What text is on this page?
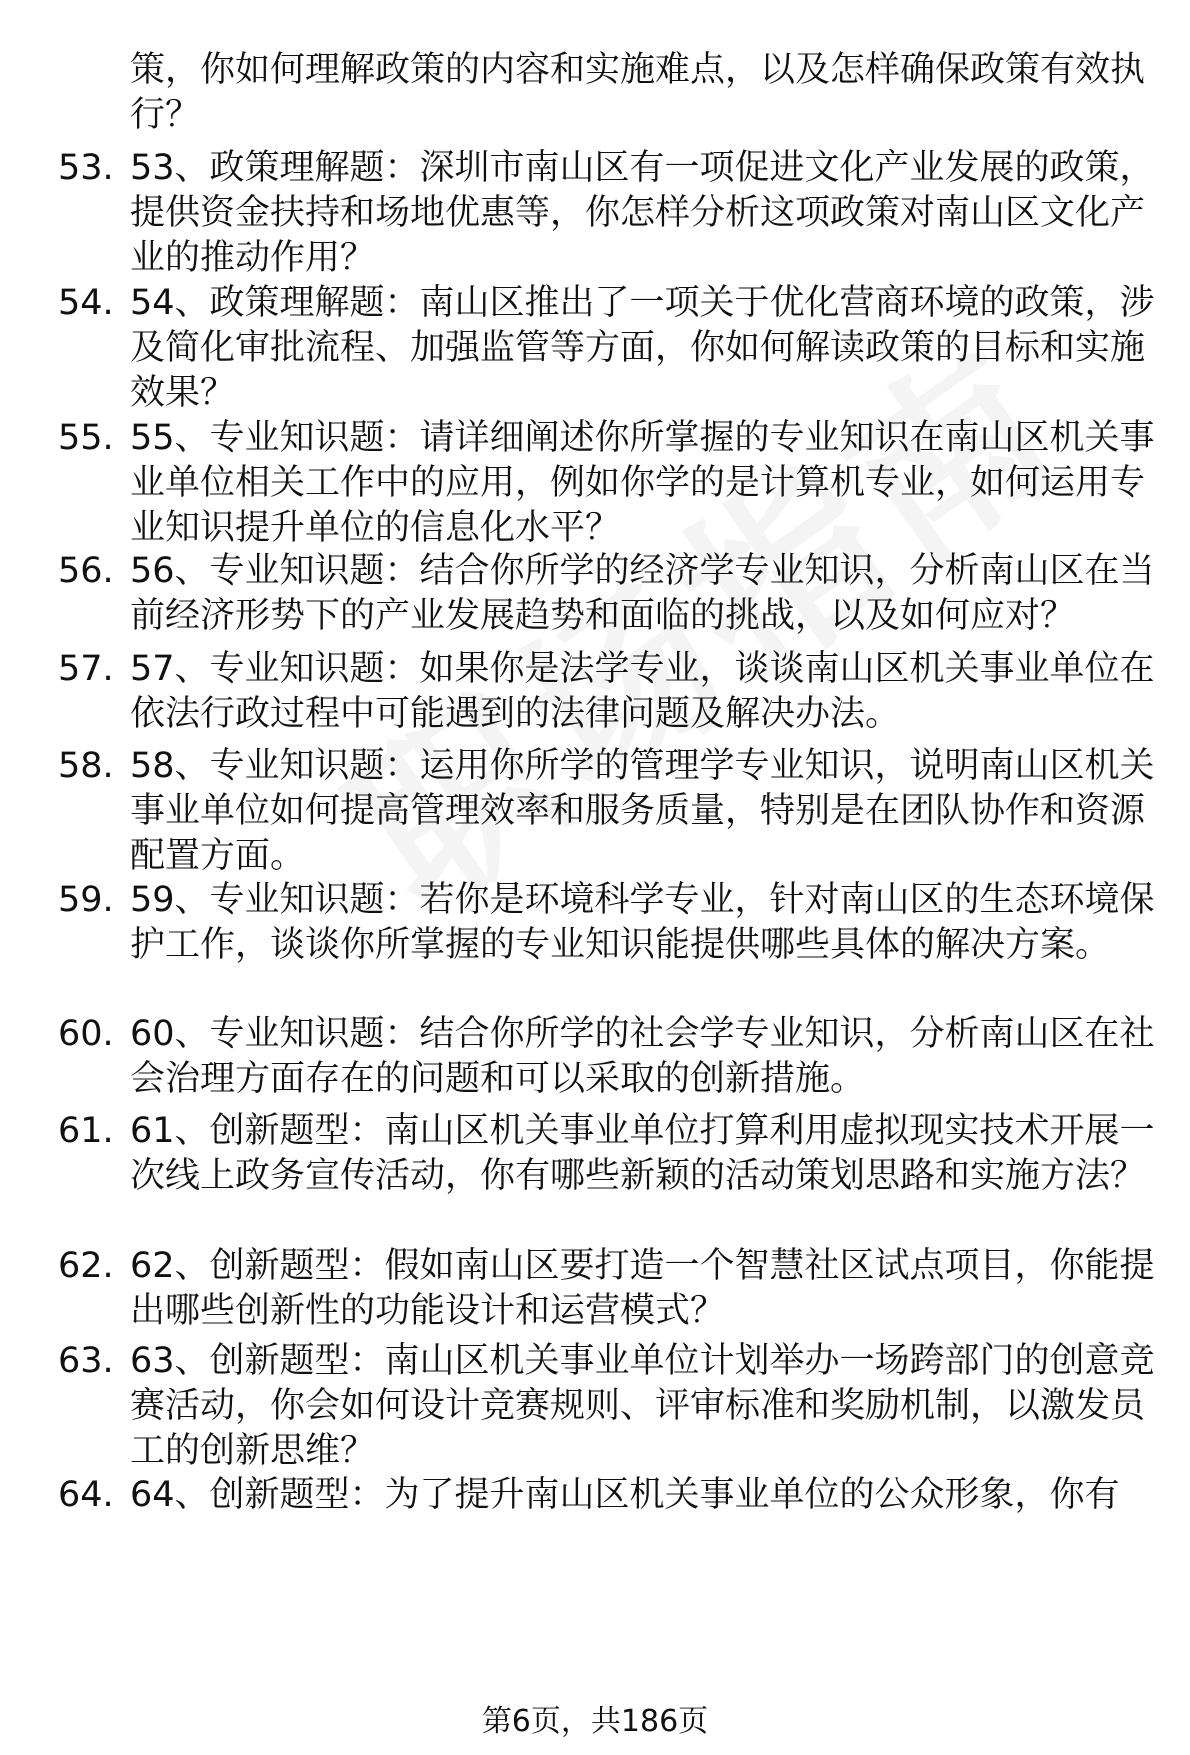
策，你如何理解政策的内容和实施难点，以及怎样确保政策有效执行？
53. 53、政策理解题：深圳市南山区有一项促进文化产业发展的政策，提供资金扶持和场地优惠等，你怎样分析这项政策对南山区文化产业的推动作用？
54. 54、政策理解题：南山区推出了一项关于优化营商环境的政策，涉及简化审批流程、加强监管等方面，你如何解读政策的目标和实施效果？
55. 55、专业知识题：请详细阐述你所掌握的专业知识在南山区机关事业单位相关工作中的应用，例如你学的是计算机专业，如何运用专业知识提升单位的信息化水平？
56. 56、专业知识题：结合你所学的经济学专业知识，分析南山区在当前经济形势下的产业发展趋势和面临的挑战，以及如何应对？
57. 57、专业知识题：如果你是法学专业，谈谈南山区机关事业单位在依法行政过程中可能遇到的法律问题及解决办法。
58. 58、专业知识题：运用你所学的管理学专业知识，说明南山区机关事业单位如何提高管理效率和服务质量，特别是在团队协作和资源配置方面。
59. 59、专业知识题：若你是环境科学专业，针对南山区的生态环境保护工作，谈谈你所掌握的专业知识能提供哪些具体的解决方案。
60. 60、专业知识题：结合你所学的社会学专业知识，分析南山区在社会治理方面存在的问题和可以采取的创新措施。
61. 61、创新题型：南山区机关事业单位打算利用虚拟现实技术开展一次线上政务宣传活动，你有哪些新颖的活动策划思路和实施方法？
62. 62、创新题型：假如南山区要打造一个智慧社区试点项目，你能提出哪些创新性的功能设计和运营模式？
63. 63、创新题型：南山区机关事业单位计划举办一场跨部门的创意竞赛活动，你会如何设计竞赛规则、评审标准和奖励机制，以激发员工的创新思维？
64. 64、创新题型：为了提升南山区机关事业单位的公众形象，你有
第6页，共186页
